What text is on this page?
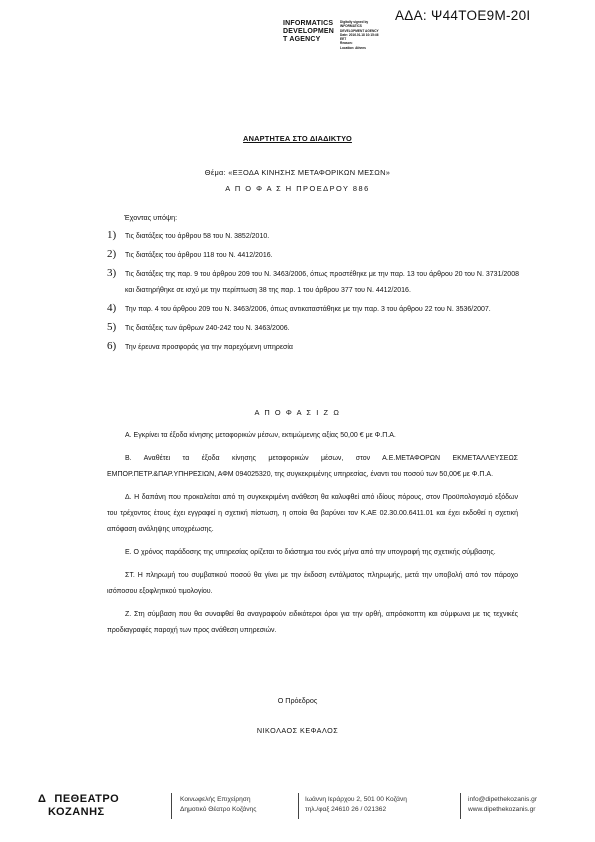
ΑΔΑ: Ψ44ΤΟΕ9Μ-20Ι
INFORMATICS
DEVELOPMEN
T AGENCY
Digitally signed by
INFORMATICS
DEVELOPMENT AGENCY
Date: 2016.01.18 10:15:46
EET
Reason:
Location: Athens
ΑΝΑΡΤΗΤΕΑ ΣΤΟ ΔΙΑΔΙΚΤΥΟ
Θέμα: «ΕΞΟΔΑ ΚΙΝΗΣΗΣ ΜΕΤΑΦΟΡΙΚΩΝ ΜΕΣΩΝ»
Α Π Ο Φ Α Σ Η ΠΡΟΕΔΡΟΥ 886
Έχοντας υπόψη:
1)	Τις διατάξεις του άρθρου 58 του Ν. 3852/2010.
2)	Τις διατάξεις του άρθρου 118 του Ν. 4412/2016.
3)	Τις διατάξεις της παρ. 9 του άρθρου 209 του Ν. 3463/2006, όπως προστέθηκε με την παρ. 13 του άρθρου 20 του Ν. 3731/2008 και διατηρήθηκε σε ισχύ με την περίπτωση 38 της παρ. 1 του άρθρου 377 του Ν. 4412/2016.
4)	Την παρ. 4 του άρθρου 209 του Ν. 3463/2006, όπως αντικαταστάθηκε με την παρ. 3 του άρθρου 22 του Ν. 3536/2007.
5)	Τις διατάξεις των άρθρων 240-242 του Ν. 3463/2006.
6)	Την έρευνα προσφοράς για την παρεχόμενη υπηρεσία
Α Π Ο Φ Α Σ Ι Ζ Ω

Α. Εγκρίνει τα έξοδα κίνησης μεταφορικών μέσων, εκτιμώμενης αξίας 50,00 € με Φ.Π.Α.

Β. Αναθέτει τα έξοδα κίνησης μεταφορικών μέσων, στον Α.Ε.ΜΕΤΑΦΟΡΩΝ ΕΚΜΕΤΑΛΛΕΥΣΕΩΣ ΕΜΠΟΡ.ΠΕΤΡ.&ΠΑΡ.ΥΠΗΡΕΣΙΩΝ, ΑΦΜ 094025320, της συγκεκριμένης υπηρεσίας, έναντι του ποσού των 50,00€ με Φ.Π.Α.

Δ. Η δαπάνη που προκαλείται από τη συγκεκριμένη ανάθεση θα καλυφθεί από ιδίους πόρους, στον Προϋπολογισμό εξόδων του τρέχοντος έτους έχει εγγραφεί η σχετική πίστωση, η οποία θα βαρύνει τον Κ.ΑΕ 02.30.00.6411.01 και έχει εκδοθεί η σχετική απόφαση ανάληψης υποχρέωσης.

Ε. Ο χρόνος παράδοσης της υπηρεσίας ορίζεται το διάστημα του ενός μήνα από την υπογραφή της σχετικής σύμβασης.

ΣΤ. Η πληρωμή του συμβατικού ποσού θα γίνει με την έκδοση εντάλματος πληρωμής, μετά την υποβολή από τον πάροχο ισόποσου εξοφλητικού τιμολογίου.

Ζ. Στη σύμβαση που θα συναφθεί θα αναγραφούν ειδικότεροι όροι για την ορθή, απρόσκοπτη και σύμφωνα με τις τεχνικές προδιαγραφές παροχή των προς ανάθεση υπηρεσιών.

Ο Πρόεδρος
ΝΙΚΟΛΑΟΣ ΚΕΦΑΛΟΣ
Δ ΠΕΘΕΑΤΡΟ
ΚΟΖΑΝΗΣ
Κοινωφελής Επιχείρηση
Δημοτικό Θέατρο Κοζάνης
Ιωάννη Ιεράρχου 2, 501 00 Κοζάνη
τηλ./φαξ 24610 26 / 021362
info@dipethekozanis.gr
www.dipethekozanis.gr
